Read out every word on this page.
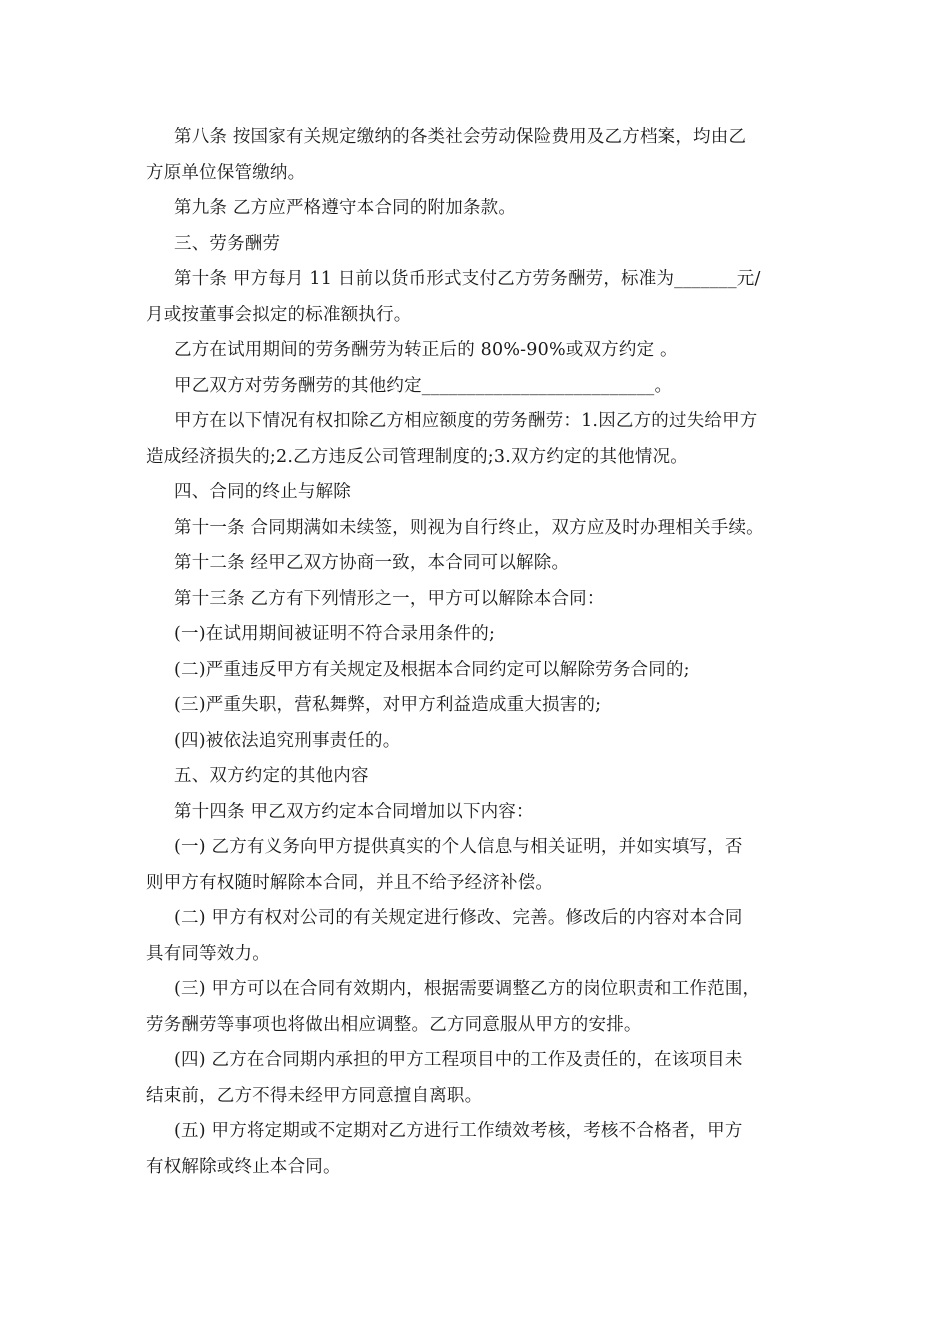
第八条 按国家有关规定缴纳的各类社会劳动保险费用及乙方档案，均由乙
方原单位保管缴纳。
第九条 乙方应严格遵守本合同的附加条款。
三、劳务酬劳
第十条 甲方每月 11 日前以货币形式支付乙方劳务酬劳，标准为_______元/
月或按董事会拟定的标准额执行。
乙方在试用期间的劳务酬劳为转正后的 80%-90%或双方约定 。
甲乙双方对劳务酬劳的其他约定__________________________。
甲方在以下情况有权扣除乙方相应额度的劳务酬劳：1.因乙方的过失给甲方
造成经济损失的;2.乙方违反公司管理制度的;3.双方约定的其他情况。
四、合同的终止与解除
第十一条 合同期满如未续签，则视为自行终止，双方应及时办理相关手续。
第十二条 经甲乙双方协商一致，本合同可以解除。
第十三条 乙方有下列情形之一，甲方可以解除本合同：
(一)在试用期间被证明不符合录用条件的;
(二)严重违反甲方有关规定及根据本合同约定可以解除劳务合同的;
(三)严重失职，营私舞弊，对甲方利益造成重大损害的;
(四)被依法追究刑事责任的。
五、双方约定的其他内容
第十四条 甲乙双方约定本合同增加以下内容：
(一) 乙方有义务向甲方提供真实的个人信息与相关证明，并如实填写，否
则甲方有权随时解除本合同，并且不给予经济补偿。
(二) 甲方有权对公司的有关规定进行修改、完善。修改后的内容对本合同
具有同等效力。
(三) 甲方可以在合同有效期内，根据需要调整乙方的岗位职责和工作范围，
劳务酬劳等事项也将做出相应调整。乙方同意服从甲方的安排。
(四) 乙方在合同期内承担的甲方工程项目中的工作及责任的，在该项目未
结束前，乙方不得未经甲方同意擅自离职。
(五) 甲方将定期或不定期对乙方进行工作绩效考核，考核不合格者，甲方
有权解除或终止本合同。
